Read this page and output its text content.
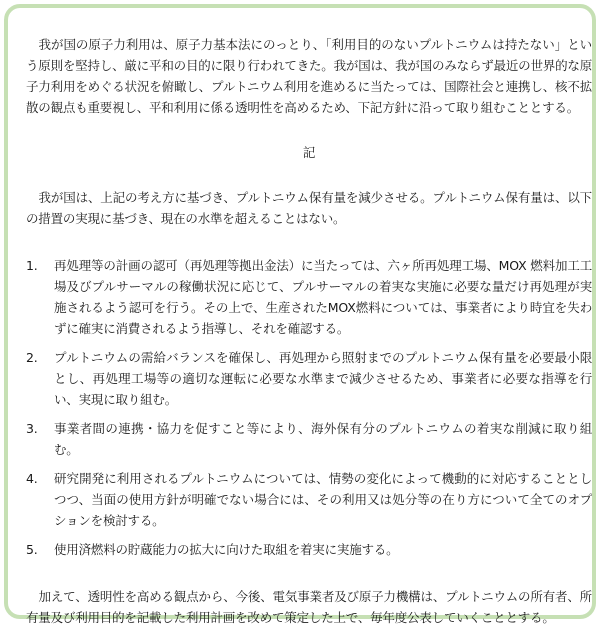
我が国の原子力利用は、原子力基本法にのっとり、「利用目的のないプルトニウムは持たない」という原則を堅持し、厳に平和の目的に限り行われてきた。我が国は、我が国のみならず最近の世界的な原子力利用をめぐる状況を俯瞰し、プルトニウム利用を進めるに当たっては、国際社会と連携し、核不拡散の観点も重要視し、平和利用に係る透明性を高めるため、下記方針に沿って取り組むこととする。

記

我が国は、上記の考え方に基づき、プルトニウム保有量を減少させる。プルトニウム保有量は、以下の措置の実現に基づき、現在の水準を超えることはない。

1.	再処理等の計画の認可（再処理等拠出金法）に当たっては、六ヶ所再処理工場、MOX 燃料加工工場及びプルサーマルの稼働状況に応じて、プルサーマルの着実な実施に必要な量だけ再処理が実施されるよう認可を行う。その上で、生産されたMOX燃料については、事業者により時宜を失わずに確実に消費されるよう指導し、それを確認する。
2.	プルトニウムの需給バランスを確保し、再処理から照射までのプルトニウム保有量を必要最小限とし、再処理工場等の適切な運転に必要な水準まで減少させるため、事業者に必要な指導を行い、実現に取り組む。
3.	事業者間の連携・協力を促すこと等により、海外保有分のプルトニウムの着実な削減に取り組む。
4.	研究開発に利用されるプルトニウムについては、情勢の変化によって機動的に対応することとしつつ、当面の使用方針が明確でない場合には、その利用又は処分等の在り方について全てのオプションを検討する。
5.	使用済燃料の貯蔵能力の拡大に向けた取組を着実に実施する。

加えて、透明性を高める観点から、今後、電気事業者及び原子力機構は、プルトニウムの所有者、所有量及び利用目的を記載した利用計画を改めて策定した上で、毎年度公表していくこととする。
